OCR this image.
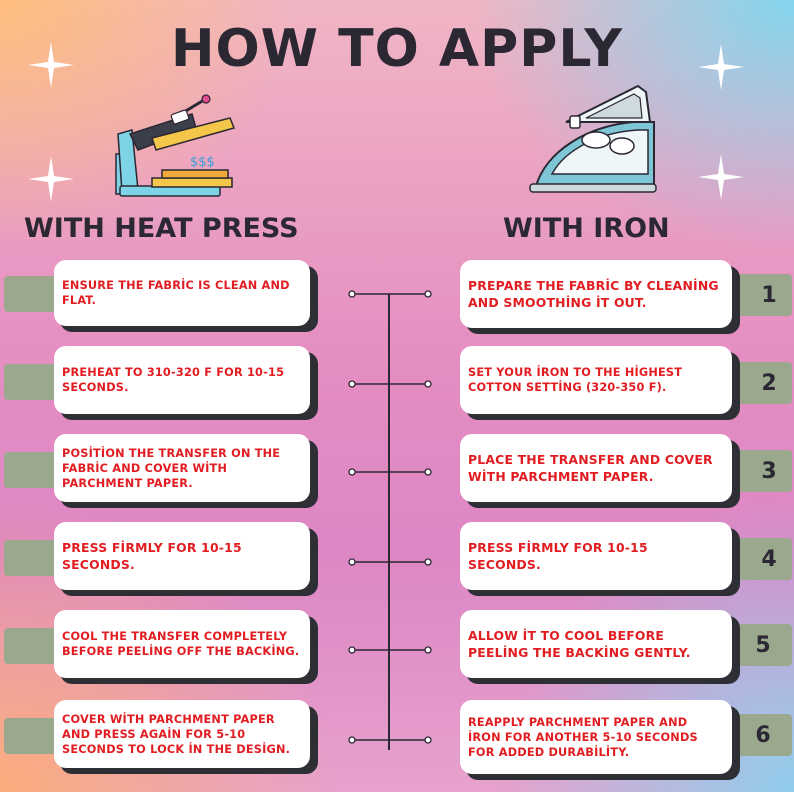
HOW TO APPLY
$$$
WITH HEAT PRESS	WITH IRON
ENSURE THE FABRİC IS CLEAN AND FLAT.
PREHEAT TO 310-320 F FOR 10-15 SECONDS.
POSİTİON THE TRANSFER ON THE FABRİC AND COVER WİTH PARCHMENT PAPER.
PRESS FİRMLY FOR 10-15 SECONDS.
COOL THE TRANSFER COMPLETELY BEFORE PEELİNG OFF THE BACKİNG.
COVER WİTH PARCHMENT PAPER AND PRESS AGAİN FOR 5-10 SECONDS TO LOCK İN THE DESİGN.
PREPARE THE FABRİC BY CLEANİNG AND SMOOTHİNG İT OUT.	1
SET YOUR İRON TO THE HİGHEST COTTON SETTİNG (320-350 F).	2
PLACE THE TRANSFER AND COVER WİTH PARCHMENT PAPER.	3
PRESS FİRMLY FOR 10-15 SECONDS.	4
ALLOW İT TO COOL BEFORE PEELİNG THE BACKİNG GENTLY.	5
REAPPLY PARCHMENT PAPER AND İRON FOR ANOTHER 5-10 SECONDS FOR ADDED DURABİLİTY.
6
